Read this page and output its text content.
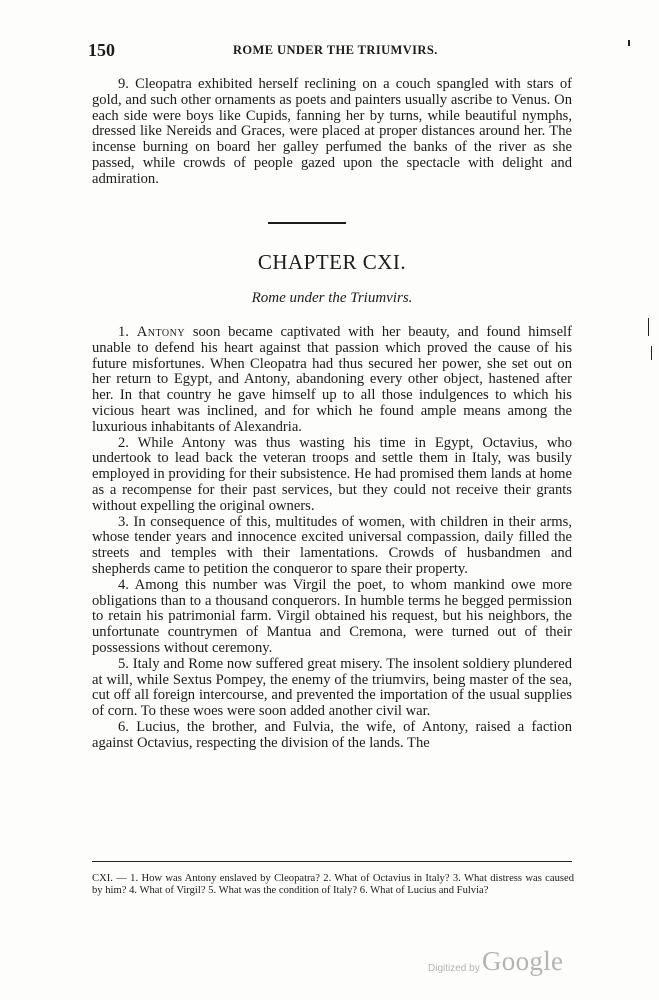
150	ROME UNDER THE TRIUMVIRS.

9. Cleopatra exhibited herself reclining on a couch spangled with stars of gold, and such other ornaments as poets and painters usually ascribe to Venus. On each side were boys like Cupids, fanning her by turns, while beautiful nymphs, dressed like Nereids and Graces, were placed at proper distances around her. The incense burning on board her galley perfumed the banks of the river as she passed, while crowds of people gazed upon the spectacle with delight and admiration.

CHAPTER CXI.
Rome under the Triumvirs.

1. Antony soon became captivated with her beauty, and found himself unable to defend his heart against that passion which proved the cause of his future misfortunes. When Cleopatra had thus secured her power, she set out on her return to Egypt, and Antony, abandoning every other object, hastened after her. In that country he gave himself up to all those indulgences to which his vicious heart was inclined, and for which he found ample means among the luxurious inhabitants of Alexandria.

2. While Antony was thus wasting his time in Egypt, Octavius, who undertook to lead back the veteran troops and settle them in Italy, was busily employed in providing for their subsistence. He had promised them lands at home as a recompense for their past services, but they could not receive their grants without expelling the original owners.

3. In consequence of this, multitudes of women, with children in their arms, whose tender years and innocence excited universal compassion, daily filled the streets and temples with their lamentations. Crowds of husbandmen and shepherds came to petition the conqueror to spare their property.

4. Among this number was Virgil the poet, to whom mankind owe more obligations than to a thousand conquerors. In humble terms he begged permission to retain his patrimonial farm. Virgil obtained his request, but his neighbors, the unfortunate countrymen of Mantua and Cremona, were turned out of their possessions without ceremony.

5. Italy and Rome now suffered great misery. The insolent soldiery plundered at will, while Sextus Pompey, the enemy of the triumvirs, being master of the sea, cut off all foreign intercourse, and prevented the importation of the usual supplies of corn. To these woes were soon added another civil war.

6. Lucius, the brother, and Fulvia, the wife, of Antony, raised a faction against Octavius, respecting the division of the lands. The

CXI. — 1. How was Antony enslaved by Cleopatra? 2. What of Octavius in Italy? 3. What distress was caused by him? 4. What of Virgil? 5. What was the condition of Italy? 6. What of Lucius and Fulvia?
Digitized by Google
